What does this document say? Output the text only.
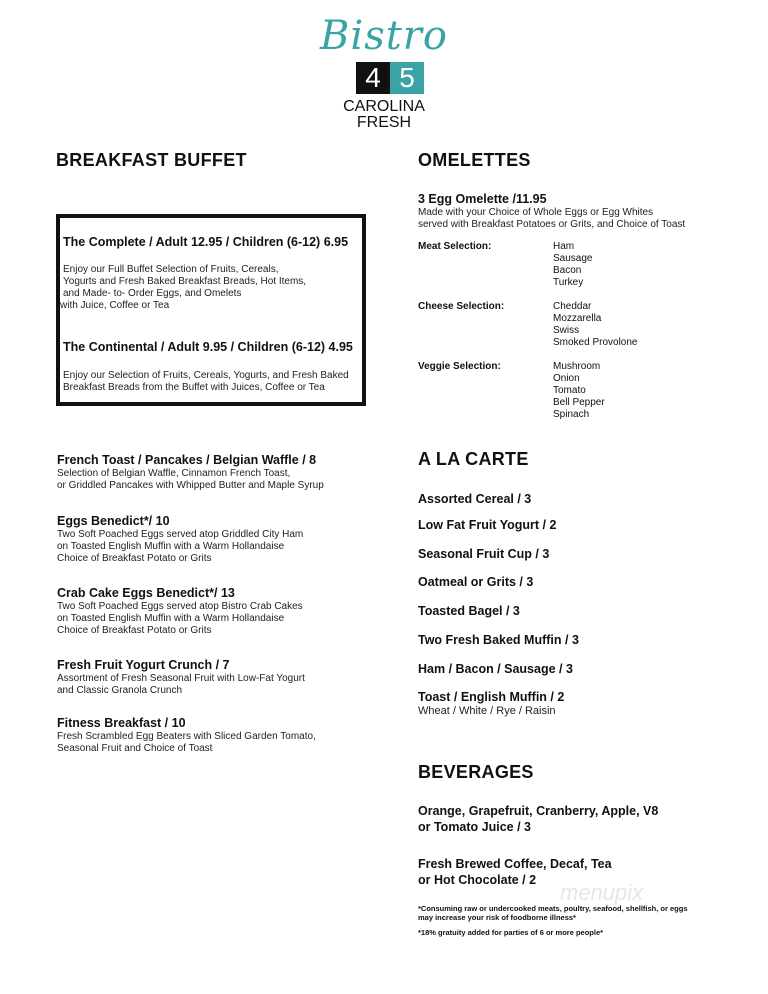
Bistro
4 5
CAROLINA
FRESH
BREAKFAST BUFFET
The Complete / Adult 12.95 / Children (6-12) 6.95
Enjoy our Full Buffet Selection of Fruits, Cereals,
Yogurts and Fresh Baked Breakfast Breads, Hot Items,
and Made- to- Order Eggs, and Omelets
with Juice, Coffee or Tea
The Continental / Adult 9.95 / Children (6-12) 4.95
Enjoy our Selection of Fruits, Cereals, Yogurts, and Fresh Baked
Breakfast Breads from the Buffet with Juices, Coffee or Tea
French Toast / Pancakes / Belgian Waffle / 8
Selection of Belgian Waffle, Cinnamon French Toast,
or Griddled Pancakes with Whipped Butter and Maple Syrup
Eggs Benedict*/ 10
Two Soft Poached Eggs served atop Griddled City Ham
on Toasted English Muffin with a Warm Hollandaise
Choice of Breakfast Potato or Grits
Crab Cake Eggs Benedict*/ 13
Two Soft Poached Eggs served atop Bistro Crab Cakes
on Toasted English Muffin with a Warm Hollandaise
Choice of Breakfast Potato or Grits
Fresh Fruit Yogurt Crunch / 7
Assortment of Fresh Seasonal Fruit with Low-Fat Yogurt
and Classic Granola Crunch
Fitness Breakfast / 10
Fresh Scrambled Egg Beaters with Sliced Garden Tomato,
Seasonal Fruit and Choice of Toast
OMELETTES
3 Egg Omelette /11.95
Made with your Choice of Whole Eggs or Egg Whites
served with Breakfast Potatoes or Grits, and Choice of Toast
Meat Selection:	Ham
Sausage
Bacon
Turkey
Cheese Selection:	Cheddar
Mozzarella
Swiss
Smoked Provolone
Veggie Selection:	Mushroom
Onion
Tomato
Bell Pepper
Spinach
A LA CARTE
Assorted Cereal / 3
Low Fat Fruit Yogurt / 2
Seasonal Fruit Cup / 3
Oatmeal or Grits / 3
Toasted Bagel / 3
Two Fresh Baked Muffin / 3
Ham / Bacon / Sausage / 3
Toast / English Muffin / 2
Wheat / White / Rye / Raisin
BEVERAGES
Orange, Grapefruit, Cranberry, Apple, V8
or Tomato Juice / 3
Fresh Brewed Coffee, Decaf, Tea
or Hot Chocolate / 2	menupix
*Consuming raw or undercooked meats, poultry, seafood, shellfish, or eggs
may increase your risk of foodborne illness*
*18% gratuity added for parties of 6 or more people*
